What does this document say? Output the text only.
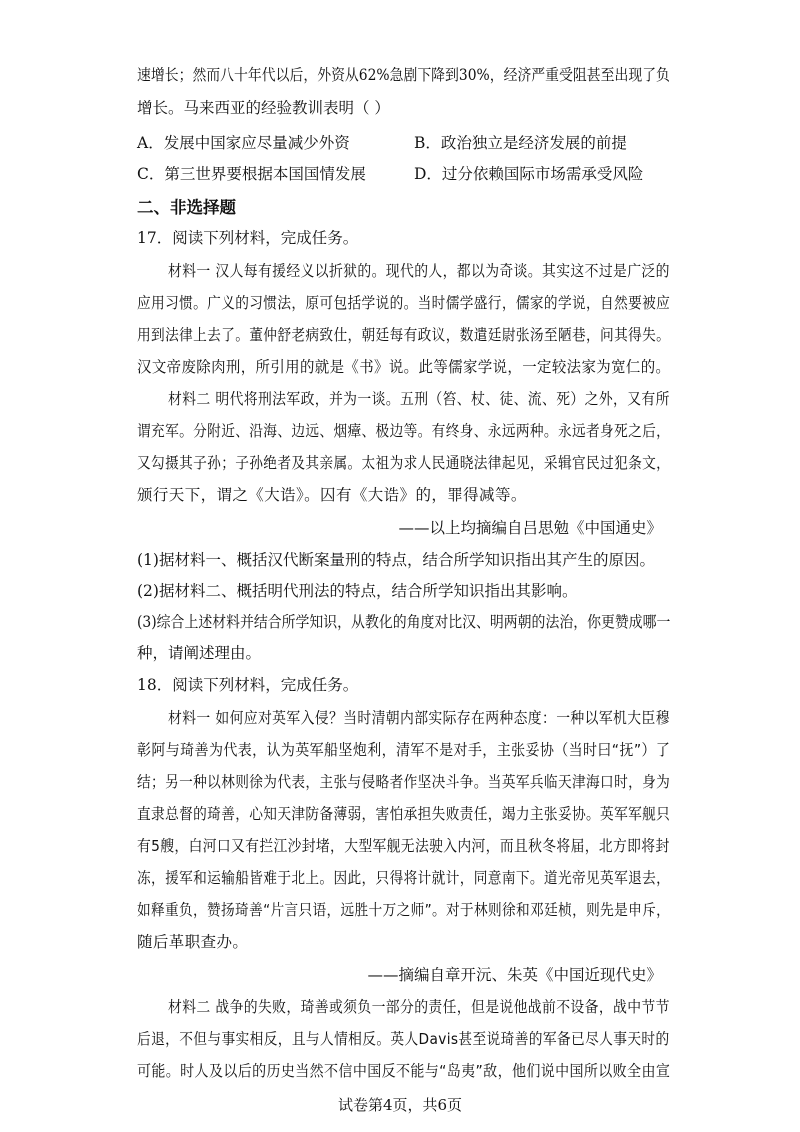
速增长；然而八十年代以后，外资从62%急剧下降到30%，经济严重受阻甚至出现了负
增长。马来西亚的经验教训表明（ ）
A．发展中国家应尽量减少外资	B．政治独立是经济发展的前提
C．第三世界要根据本国国情发展	D．过分依赖国际市场需承受风险
二、非选择题
17．阅读下列材料，完成任务。
材料一 汉人每有援经义以折狱的。现代的人，都以为奇谈。其实这不过是广泛的
应用习惯。广义的习惯法，原可包括学说的。当时儒学盛行，儒家的学说，自然要被应
用到法律上去了。董仲舒老病致仕，朝廷每有政议，数遣廷尉张汤至陋巷，问其得失。
汉文帝废除肉刑，所引用的就是《书》说。此等儒家学说，一定较法家为宽仁的。
材料二 明代将刑法军政，并为一谈。五刑（笞、杖、徒、流、死）之外，又有所
谓充军。分附近、沿海、边远、烟瘴、极边等。有终身、永远两种。永远者身死之后，
又勾摄其子孙；子孙绝者及其亲属。太祖为求人民通晓法律起见，采辑官民过犯条文，
颁行天下，谓之《大诰》。囚有《大诰》的，罪得减等。
——以上均摘编自吕思勉《中国通史》
(1)据材料一、概括汉代断案量刑的特点，结合所学知识指出其产生的原因。
(2)据材料二、概括明代刑法的特点，结合所学知识指出其影响。
(3)综合上述材料并结合所学知识，从教化的角度对比汉、明两朝的法治，你更赞成哪一
种，请阐述理由。
18．阅读下列材料，完成任务。
材料一 如何应对英军入侵？当时清朝内部实际存在两种态度：一种以军机大臣穆
彰阿与琦善为代表，认为英军船坚炮利，清军不是对手，主张妥协（当时曰“抚”）了
结；另一种以林则徐为代表，主张与侵略者作坚决斗争。当英军兵临天津海口时，身为
直隶总督的琦善，心知天津防备薄弱，害怕承担失败责任，竭力主张妥协。英军军舰只
有5艘，白河口又有拦江沙封堵，大型军舰无法驶入内河，而且秋冬将届，北方即将封
冻，援军和运输船皆难于北上。因此，只得将计就计，同意南下。道光帝见英军退去，
如释重负，赞扬琦善“片言只语，远胜十万之师”。对于林则徐和邓廷桢，则先是申斥，
随后革职查办。
——摘编自章开沅、朱英《中国近现代史》
材料二 战争的失败，琦善或须负一部分的责任，但是说他战前不设备，战中节节
后退，不但与事实相反，且与人情相反。英人Davis甚至说琦善的军备已尽人事天时的
可能。时人及以后的历史当然不信中国反不能与“岛夷”敌，他们说中国所以败全由宣
试卷第4页，共6页
